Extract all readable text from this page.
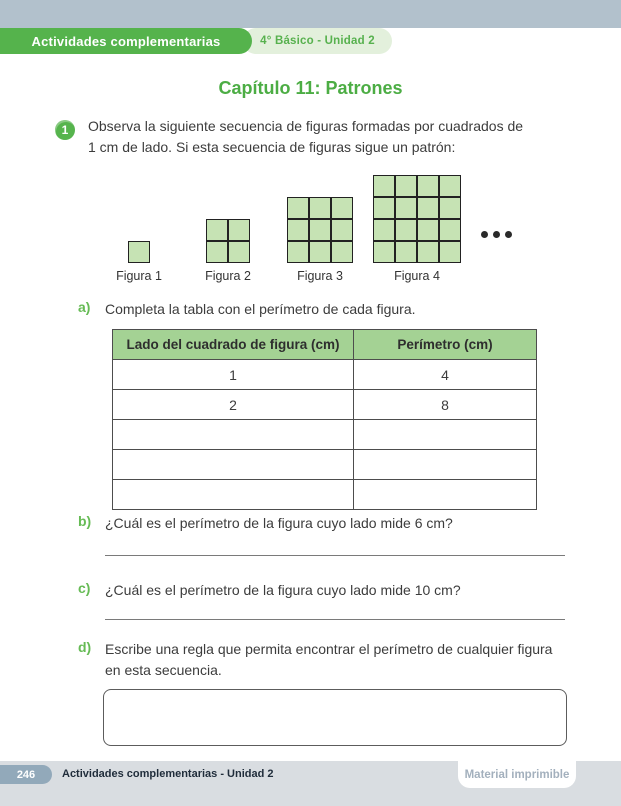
4° Básico - Unidad 2
Actividades complementarias
Capítulo 11: Patrones
1	Observa la siguiente secuencia de figuras formadas por cuadrados de
1 cm de lado. Si esta secuencia de figuras sigue un patrón:
Figura 1	Figura 2	Figura 3	Figura 4
a) Completa la tabla con el perímetro de cada figura.
Lado del cuadrado de figura (cm)	Perímetro (cm)
1	4
2	8

b) ¿Cuál es el perímetro de la figura cuyo lado mide 6 cm?
c) ¿Cuál es el perímetro de la figura cuyo lado mide 10 cm?
d) Escribe una regla que permita encontrar el perímetro de cualquier figura
en esta secuencia.
246	Actividades complementarias - Unidad 2	Material imprimible
